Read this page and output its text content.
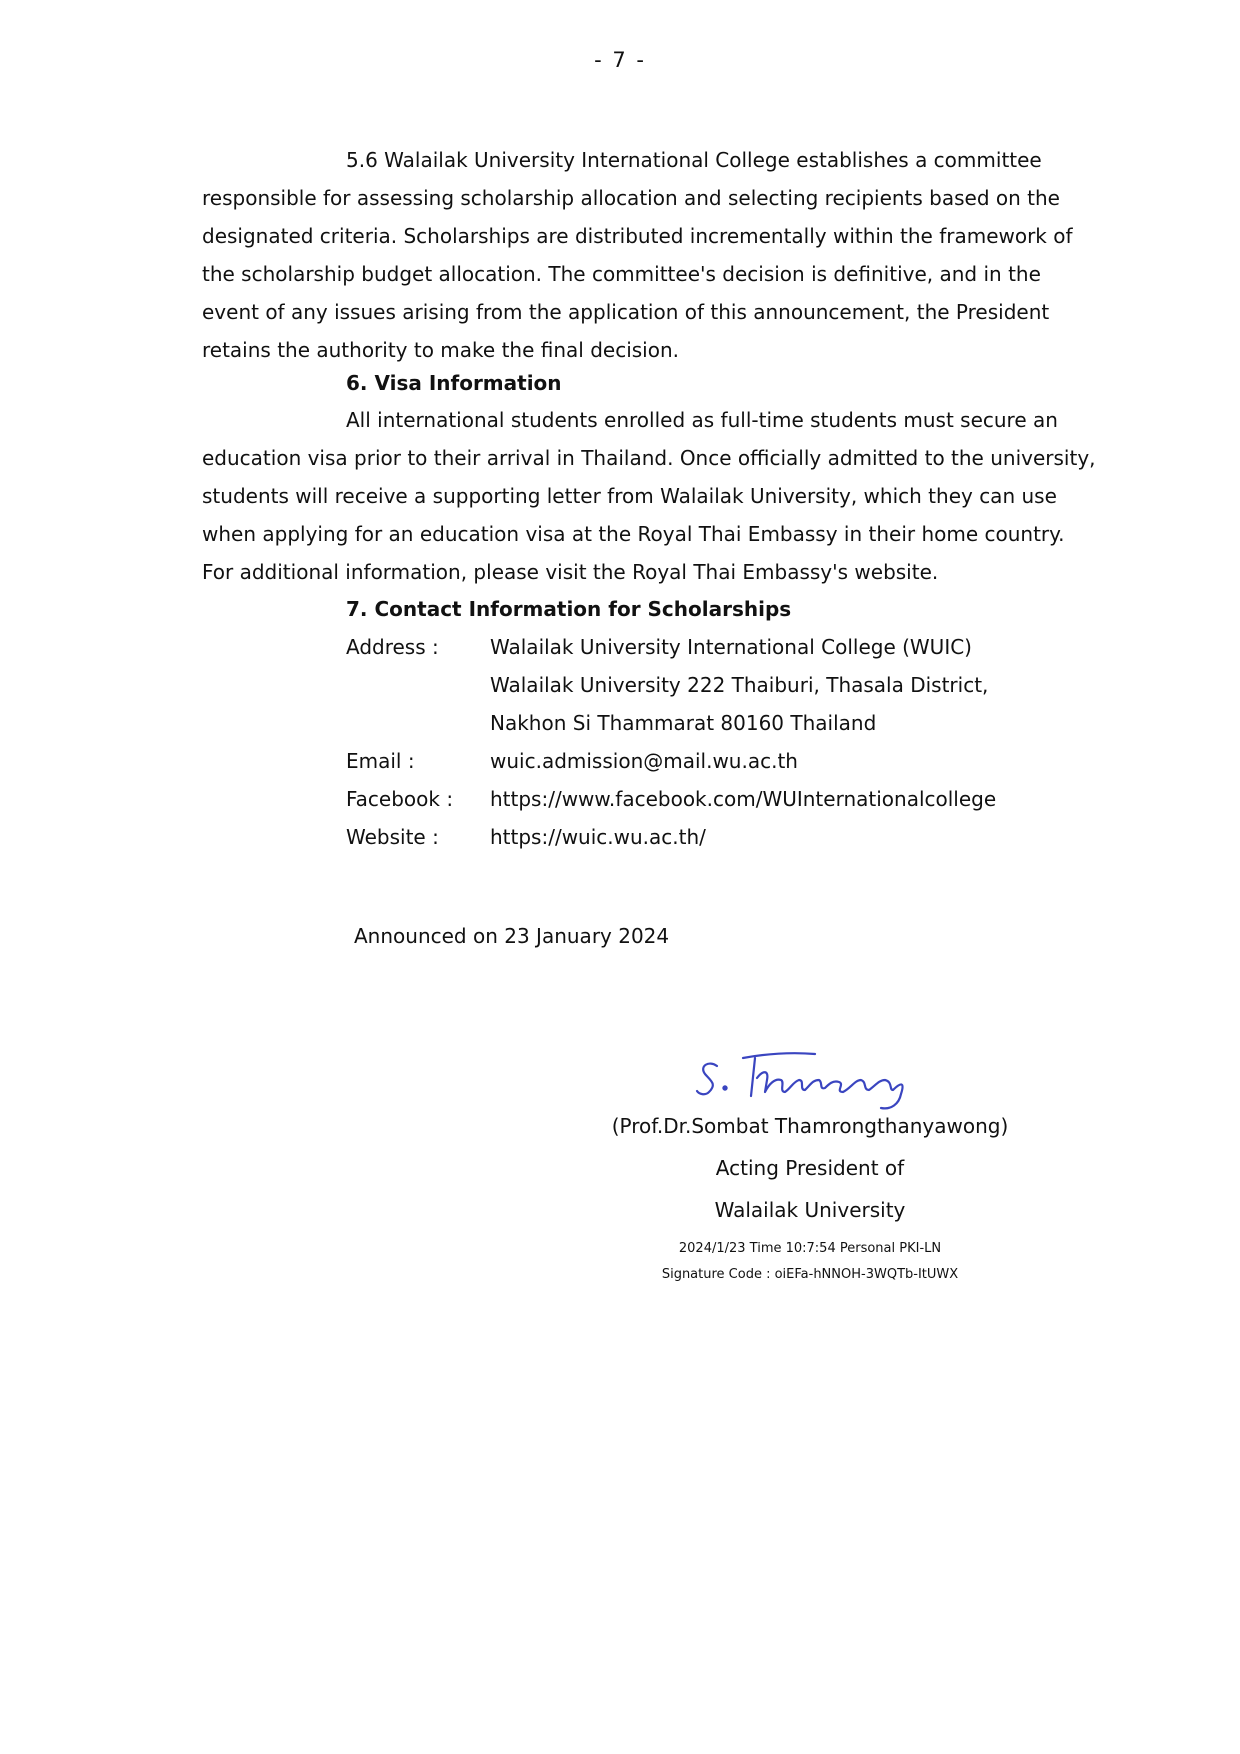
- 7 -

5.6 Walailak University International College establishes a committee responsible for assessing scholarship allocation and selecting recipients based on the designated criteria. Scholarships are distributed incrementally within the framework of the scholarship budget allocation. The committee's decision is definitive, and in the event of any issues arising from the application of this announcement, the President retains the authority to make the final decision.

6. Visa Information

All international students enrolled as full-time students must secure an education visa prior to their arrival in Thailand. Once officially admitted to the university, students will receive a supporting letter from Walailak University, which they can use when applying for an education visa at the Royal Thai Embassy in their home country. For additional information, please visit the Royal Thai Embassy's website.

7. Contact Information for Scholarships

Address :	Walailak University International College (WUIC)
Walailak University 222 Thaiburi, Thasala District,
Nakhon Si Thammarat 80160 Thailand
Email :	wuic.admission@mail.wu.ac.th
Facebook :	https://www.facebook.com/WUInternationalcollege
Website :	https://wuic.wu.ac.th/
Announced on 23 January 2024
(Prof.Dr.Sombat Thamrongthanyawong)
Acting President of
Walailak University
2024/1/23 Time 10:7:54 Personal PKI-LN
Signature Code : oiEFa-hNNOH-3WQTb-ItUWX
